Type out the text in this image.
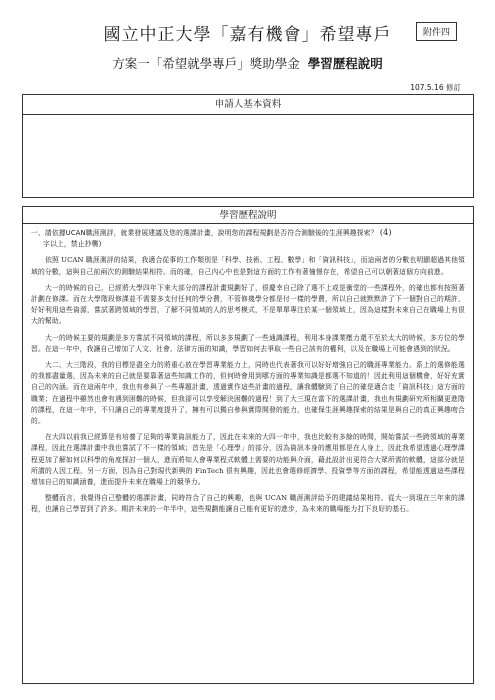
國立中正大學「嘉有機會」希望專戶	附件四
方案一「希望就學專戶」獎助學金 學習歷程說明
107.5.16 修訂
申請人基本資料
學習歷程說明

一、請依據UCAN職涯測評，就業發展建議及您的選課計畫，說明您的課程規劃是否符合測驗後的生涯興趣探索？ (4)
字以上，禁止抄襲)

依照 UCAN 職涯測評的結果，我適合從事的工作類別是「科學、技術、工程、數學」和「資訊科技」，而這兩者的分數也明顯超過其他領域的分數，這與自己前兩次的測驗結果相符。而的確，自己內心中也是對這方面的工作有著憧憬存在，希望自己可以朝著這個方向前進。

大一的時候的自己，已經將大學四年下來大部分的課程計畫規劃好了，很慶幸自己除了選不上或是衝堂的一些課程外，的確也都有按照著計劃在修課。而在大學階段修課並不需要多支付任何的學分費，不管修幾學分都是付一樣的學費，所以自己就默默許了下一個對自己的期許，好好利用這些資源，嘗試著跨領域的學習，了解不同領域的人的思考模式，不是單單專注於某一個領域上，因為這樣對未來自己在職場上有很大的幫助。

大一的時候主要的規劃是多方嘗試不同領域的課程，所以多多規劃了一些通識課程，利用本身課業壓力還不至於太大的時候，多方位的學習。在這一年中，我讓自己增加了人文、社會、法律方面的知識，學習如何去爭取一些自己該有的權利，以及在職場上可能會遇到的狀況。

大二、大三階段，我的目標是盡全力的將重心放在學習專業能力上，同時也代表著我可以好好增強自己的職涯專業能力。系上的選修能選的我都盡量選，因為未來的自己就是要靠著這些知識工作的，但何時會用到哪方面的專業知識是都選不知道的！因此利用這個機會，好好充實自己的內涵。而在這兩年中，我也有參與了一些專題計畫，透過實作這些計畫的過程，讓我體驗到了自己的確是適合走「資訊科技」這方面的職業；在過程中雖然也會有遇到困難的時候，但我卻可以享受解決困難的過程！到了大三現在當下的選課計畫，我也有規劃研究所相關更進階的課程，在這一年中，不只讓自己的專業度提升了，擁有可以獨自參與實際開發的能力，也確保生涯興趣探索的結果是與自己的真正興趣吻合的。

在大四以前我已經算是有培養了足夠的專業資訊能力了，因此在未來的大四一年中，我也比較有多餘的時間，開始嘗試一些跨領域的專業課程，因此在選課計畫中我也嘗試了不一樣的領域；首先是「心理學」的部分，因為資訊本身的應用都是在人身上，因此我希望透過心理學課程更加了解如何以科學的角度探討一個人，進而將知人會專業程式軟體上需要的功能與介面，藉此設計出更符合大眾所需的軟體，這部分就是所謂的人因工程。另一方面，因為自己對現代新興的 FinTech 很有興趣，因此也會選修經濟學、投資學等方面的課程，希望能透過這些課程增加自己的知識涵養，進而提升未來在職場上的競爭力。

整體而言，我覺得自己整體的選課計畫，同時符合了自己的興趣，也與 UCAN 職涯測評給予的建議結果相符。從大一到現在三年來的課程，也讓自己學習到了許多。期許未來的一年半中，這些規劃能讓自己能有更好的進步，為未來的職場能力打下良好的基石。
